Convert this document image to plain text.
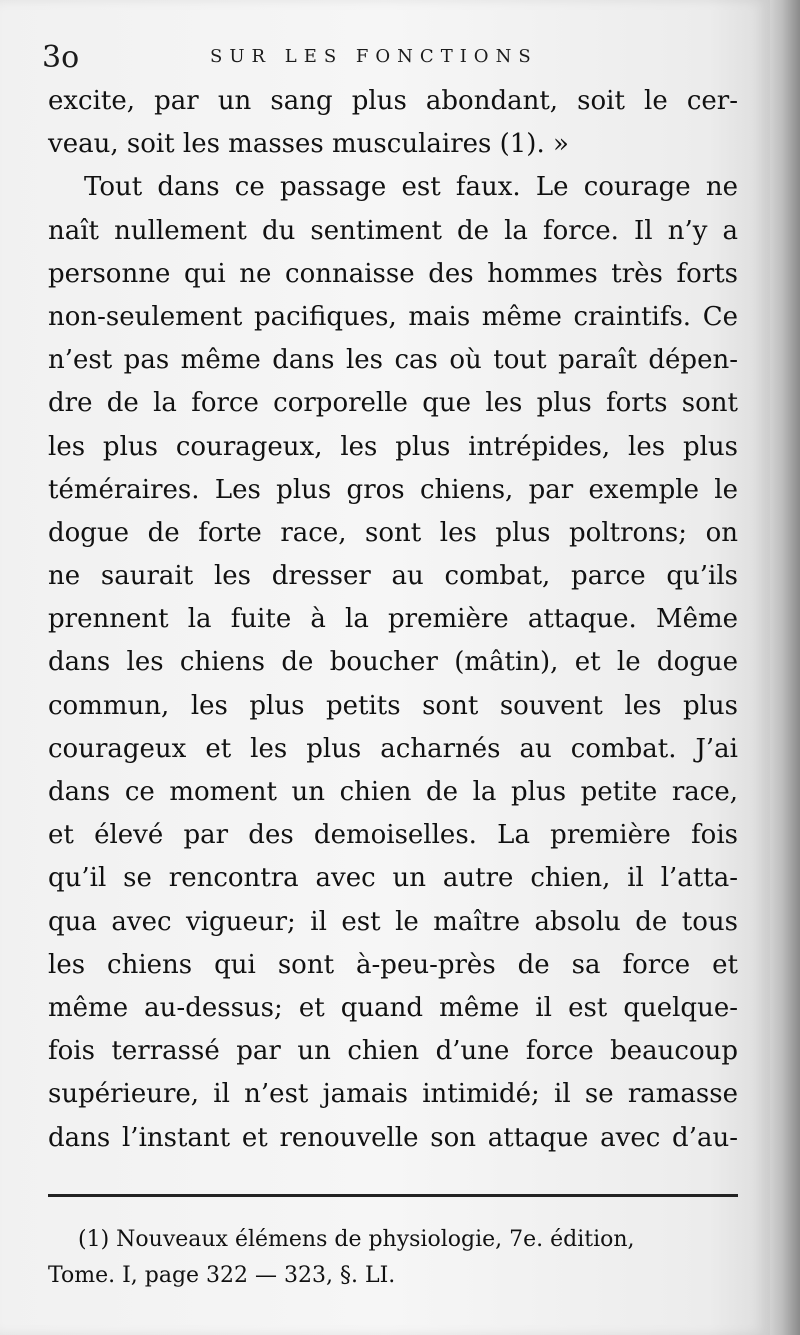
3o	SUR LES FONCTIONS
excite, par un sang plus abondant, soit le cer-
veau, soit les masses musculaires (1). »
Tout dans ce passage est faux. Le courage ne
naît nullement du sentiment de la force. Il n’y a
personne qui ne connaisse des hommes très forts
non-seulement pacifiques, mais même craintifs. Ce
n’est pas même dans les cas où tout paraît dépen-
dre de la force corporelle que les plus forts sont
les plus courageux, les plus intrépides, les plus
téméraires. Les plus gros chiens, par exemple le
dogue de forte race, sont les plus poltrons; on
ne saurait les dresser au combat, parce qu’ils
prennent la fuite à la première attaque. Même
dans les chiens de boucher (mâtin), et le dogue
commun, les plus petits sont souvent les plus
courageux et les plus acharnés au combat. J’ai
dans ce moment un chien de la plus petite race,
et élevé par des demoiselles. La première fois
qu’il se rencontra avec un autre chien, il l’atta-
qua avec vigueur; il est le maître absolu de tous
les chiens qui sont à-peu-près de sa force et
même au-dessus; et quand même il est quelque-
fois terrassé par un chien d’une force beaucoup
supérieure, il n’est jamais intimidé; il se ramasse
dans l’instant et renouvelle son attaque avec d’au-
(1) Nouveaux élémens de physiologie, 7e. édition,
Tome. I, page 322 — 323, §. LI.
